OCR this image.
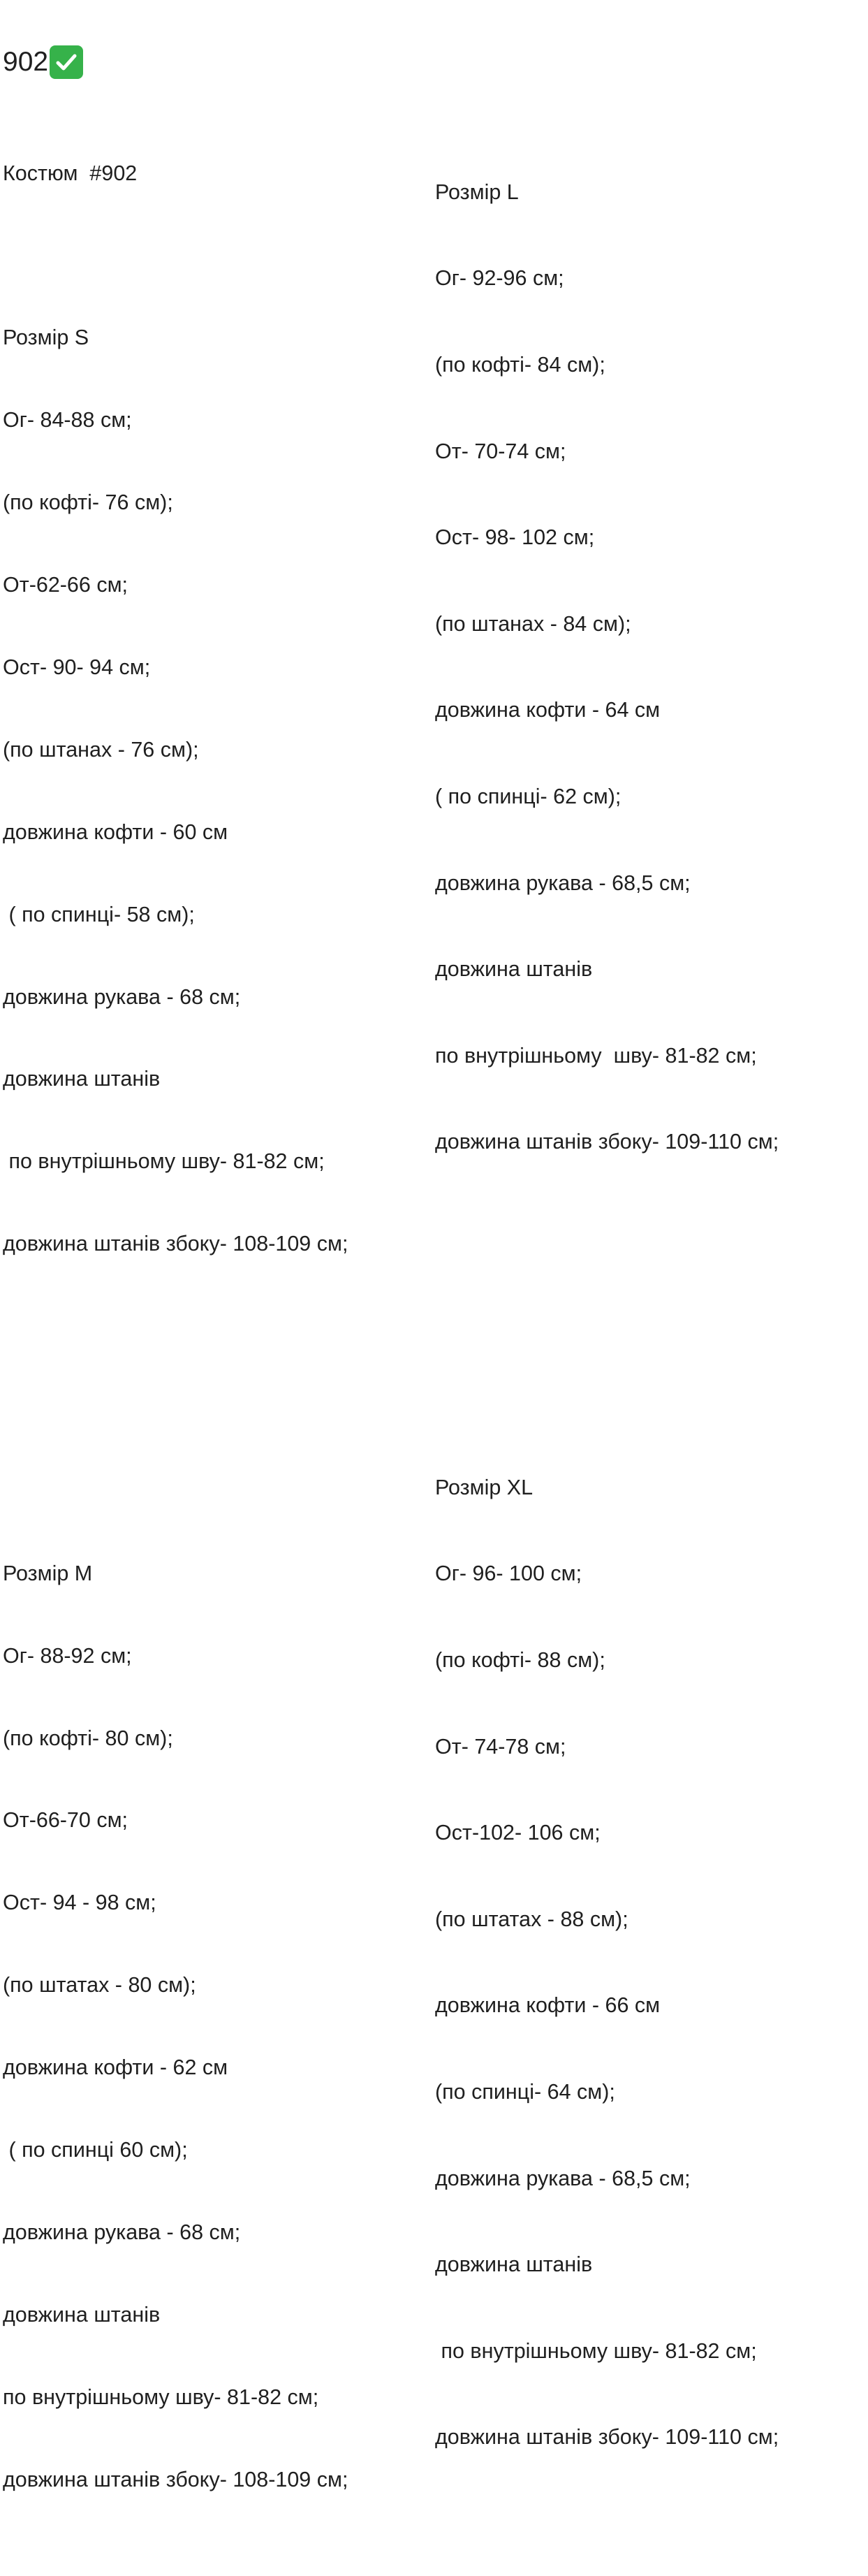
902

Костюм  #902

Розмір S

Ог- 84-88 см;

(по кофті- 76 см);

От-62-66 см;

Ост- 90- 94 см;

(по штанах - 76 см);

довжина кофти - 60 см

( по спинці- 58 см);

довжина рукава - 68 см;

довжина штанів

по внутрішньому шву- 81-82 см;

довжина штанів збоку- 108-109 см;

Розмір M

Ог- 88-92 см;

(по кофті- 80 см);

От-66-70 см;

Ост- 94 - 98 см;

(по штатах - 80 см);

довжина кофти - 62 см

( по спинці 60 см);

довжина рукава - 68 см;

довжина штанів

по внутрішньому шву- 81-82 см;

довжина штанів збоку- 108-109 см;

Розмір L

Ог- 92-96 см;

(по кофті- 84 см);

От- 70-74 см;

Ост- 98- 102 см;

(по штанах - 84 см);

довжина кофти - 64 см

( по спинці- 62 см);

довжина рукава - 68,5 см;

довжина штанів

по внутрішньому  шву- 81-82 см;

довжина штанів збоку- 109-110 см;

Розмір XL

Ог- 96- 100 см;

(по кофті- 88 см);

От- 74-78 см;

Ост-102- 106 см;

(по штатах - 88 см);

довжина кофти - 66 см

(по спинці- 64 см);

довжина рукава - 68,5 см;

довжина штанів

по внутрішньому шву- 81-82 см;

довжина штанів збоку- 109-110 см;
